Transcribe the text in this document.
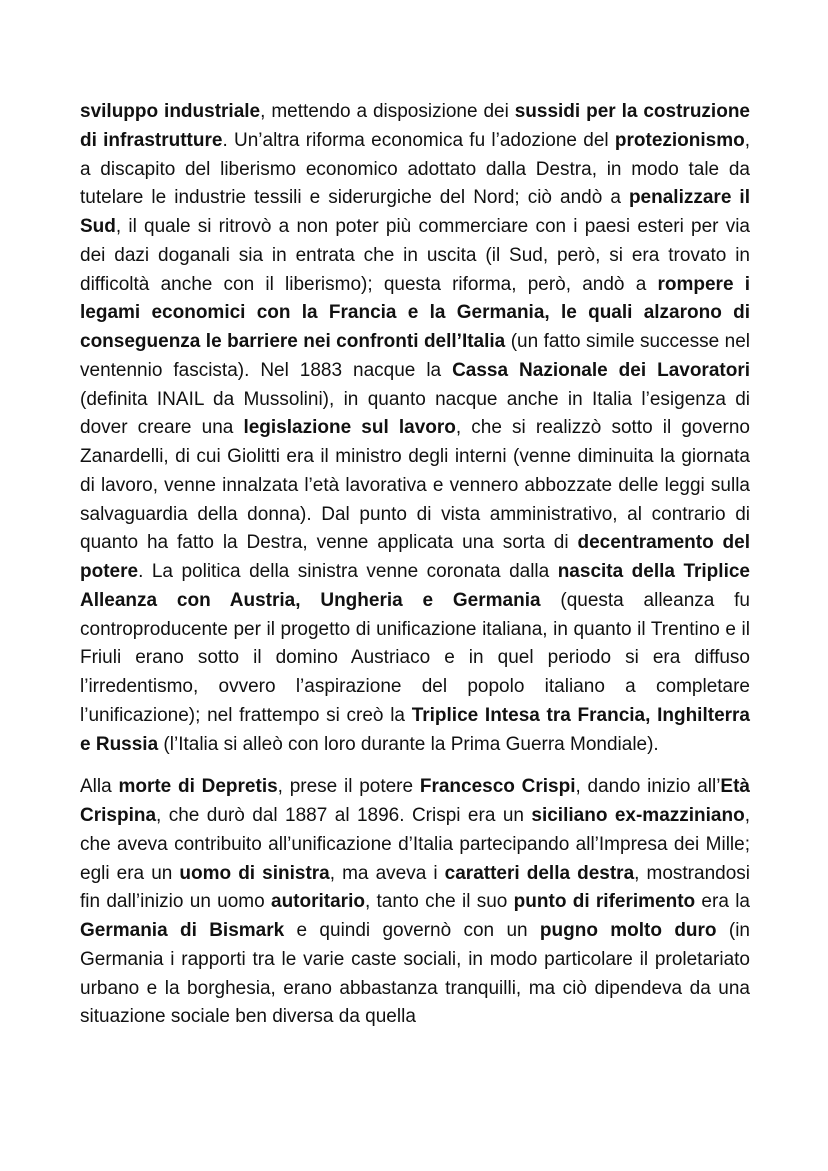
sviluppo industriale, mettendo a disposizione dei sussidi per la costruzione di infrastrutture. Un’altra riforma economica fu l’adozione del protezionismo, a discapito del liberismo economico adottato dalla Destra, in modo tale da tutelare le industrie tessili e siderurgiche del Nord; ciò andò a penalizzare il Sud, il quale si ritrovò a non poter più commerciare con i paesi esteri per via dei dazi doganali sia in entrata che in uscita (il Sud, però, si era trovato in difficoltà anche con il liberismo); questa riforma, però, andò a rompere i legami economici con la Francia e la Germania, le quali alzarono di conseguenza le barriere nei confronti dell’Italia (un fatto simile successe nel ventennio fascista). Nel 1883 nacque la Cassa Nazionale dei Lavoratori (definita INAIL da Mussolini), in quanto nacque anche in Italia l’esigenza di dover creare una legislazione sul lavoro, che si realizzò sotto il governo Zanardelli, di cui Giolitti era il ministro degli interni (venne diminuita la giornata di lavoro, venne innalzata l’età lavorativa e vennero abbozzate delle leggi sulla salvaguardia della donna). Dal punto di vista amministrativo, al contrario di quanto ha fatto la Destra, venne applicata una sorta di decentramento del potere. La politica della sinistra venne coronata dalla nascita della Triplice Alleanza con Austria, Ungheria e Germania (questa alleanza fu controproducente per il progetto di unificazione italiana, in quanto il Trentino e il Friuli erano sotto il domino Austriaco e in quel periodo si era diffuso l’irredentismo, ovvero l’aspirazione del popolo italiano a completare l’unificazione); nel frattempo si creò la Triplice Intesa tra Francia, Inghilterra e Russia (l’Italia si alleò con loro durante la Prima Guerra Mondiale).

Alla morte di Depretis, prese il potere Francesco Crispi, dando inizio all’Età Crispina, che durò dal 1887 al 1896. Crispi era un siciliano ex-mazziniano, che aveva contribuito all’unificazione d’Italia partecipando all’Impresa dei Mille; egli era un uomo di sinistra, ma aveva i caratteri della destra, mostrandosi fin dall’inizio un uomo autoritario, tanto che il suo punto di riferimento era la Germania di Bismark e quindi governò con un pugno molto duro (in Germania i rapporti tra le varie caste sociali, in modo particolare il proletariato urbano e la borghesia, erano abbastanza tranquilli, ma ciò dipendeva da una situazione sociale ben diversa da quella
